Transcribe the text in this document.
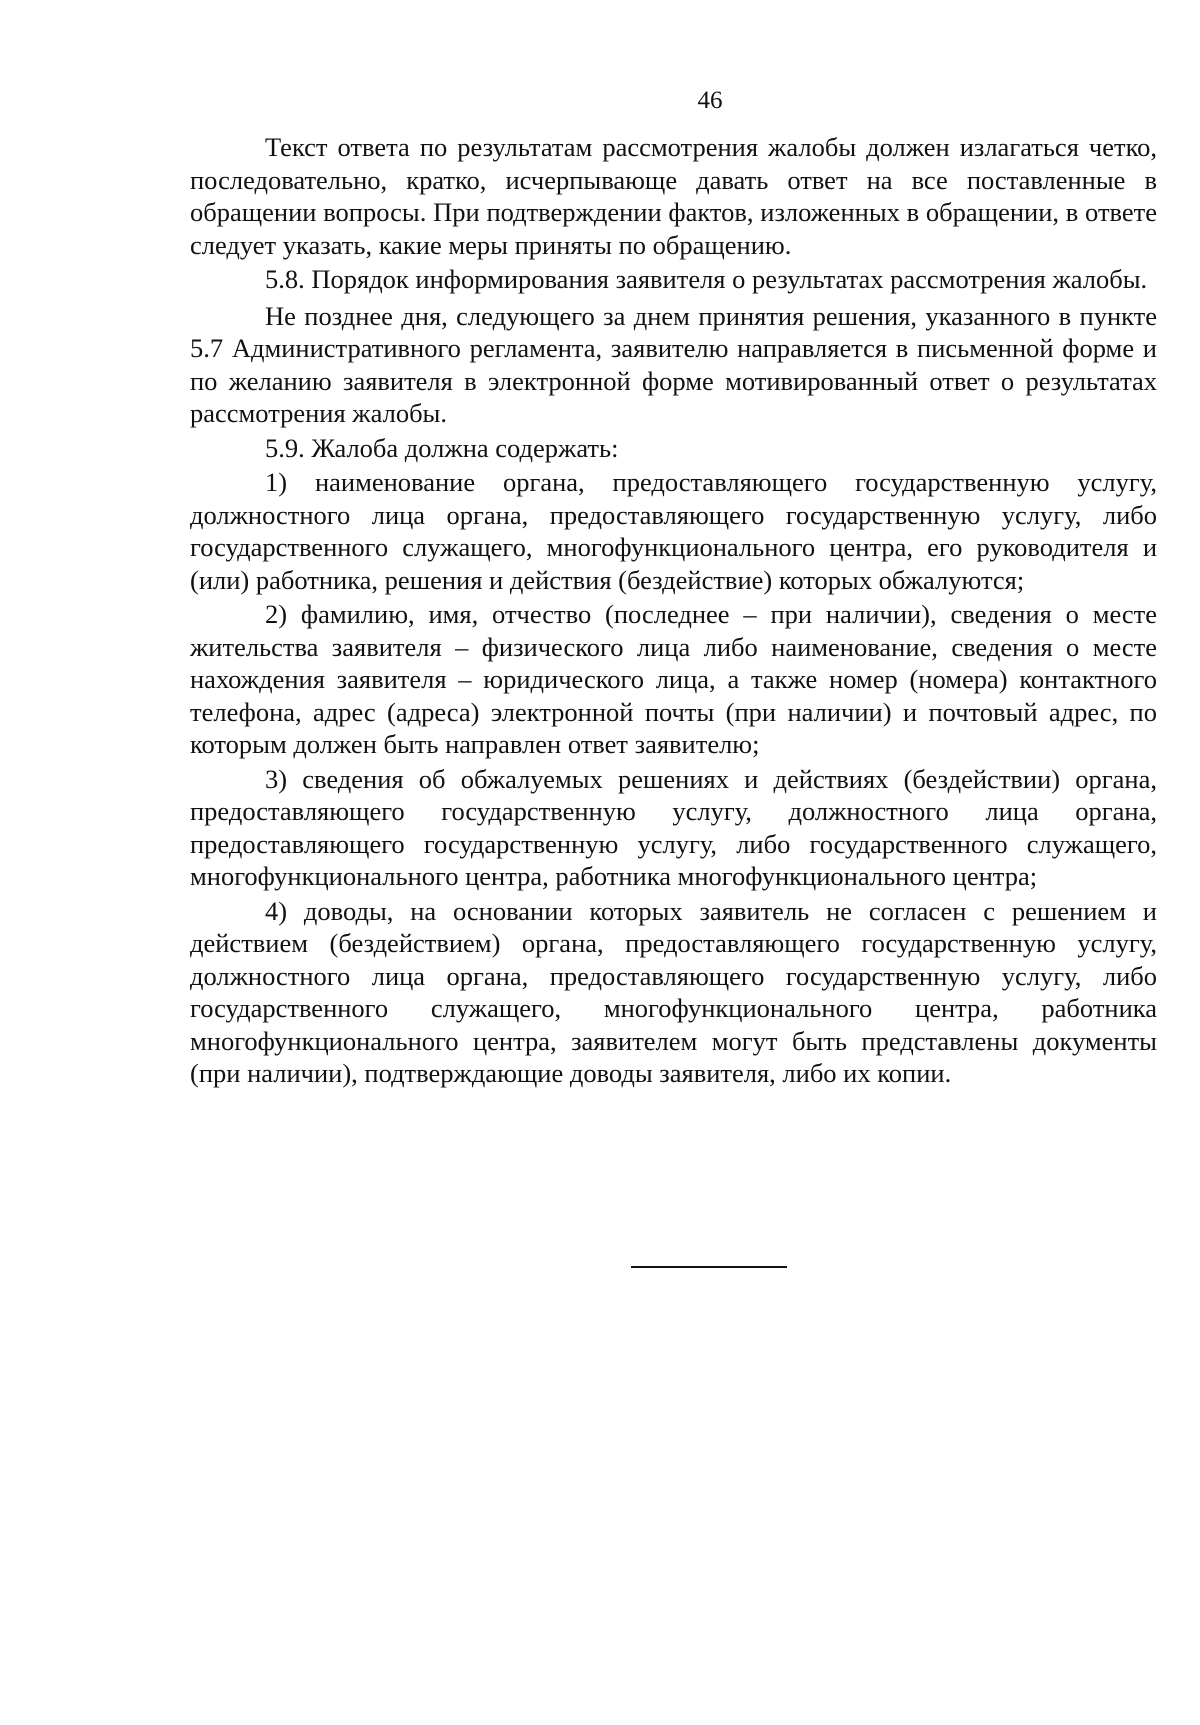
46

Текст ответа по результатам рассмотрения жалобы должен излагаться четко, последовательно, кратко, исчерпывающе давать ответ на все поставленные в обращении вопросы. При подтверждении фактов, изложенных в обращении, в ответе следует указать, какие меры приняты по обращению.

5.8. Порядок информирования заявителя о результатах рассмотрения жалобы.

Не позднее дня, следующего за днем принятия решения, указанного в пункте 5.7 Административного регламента, заявителю направляется в письменной форме и по желанию заявителя в электронной форме мотивированный ответ о результатах рассмотрения жалобы.

5.9. Жалоба должна содержать:

1) наименование органа, предоставляющего государственную услугу, должностного лица органа, предоставляющего государственную услугу, либо государственного служащего, многофункционального центра, его руководителя и (или) работника, решения и действия (бездействие) которых обжалуются;

2) фамилию, имя, отчество (последнее – при наличии), сведения о месте жительства заявителя – физического лица либо наименование, сведения о месте нахождения заявителя – юридического лица, а также номер (номера) контактного телефона, адрес (адреса) электронной почты (при наличии) и почтовый адрес, по которым должен быть направлен ответ заявителю;

3) сведения об обжалуемых решениях и действиях (бездействии) органа, предоставляющего государственную услугу, должностного лица органа, предоставляющего государственную услугу, либо государственного служащего, многофункционального центра, работника многофункционального центра;

4) доводы, на основании которых заявитель не согласен с решением и действием (бездействием) органа, предоставляющего государственную услугу, должностного лица органа, предоставляющего государственную услугу, либо государственного служащего, многофункционального центра, работника многофункционального центра, заявителем могут быть представлены документы (при наличии), подтверждающие доводы заявителя, либо их копии.
